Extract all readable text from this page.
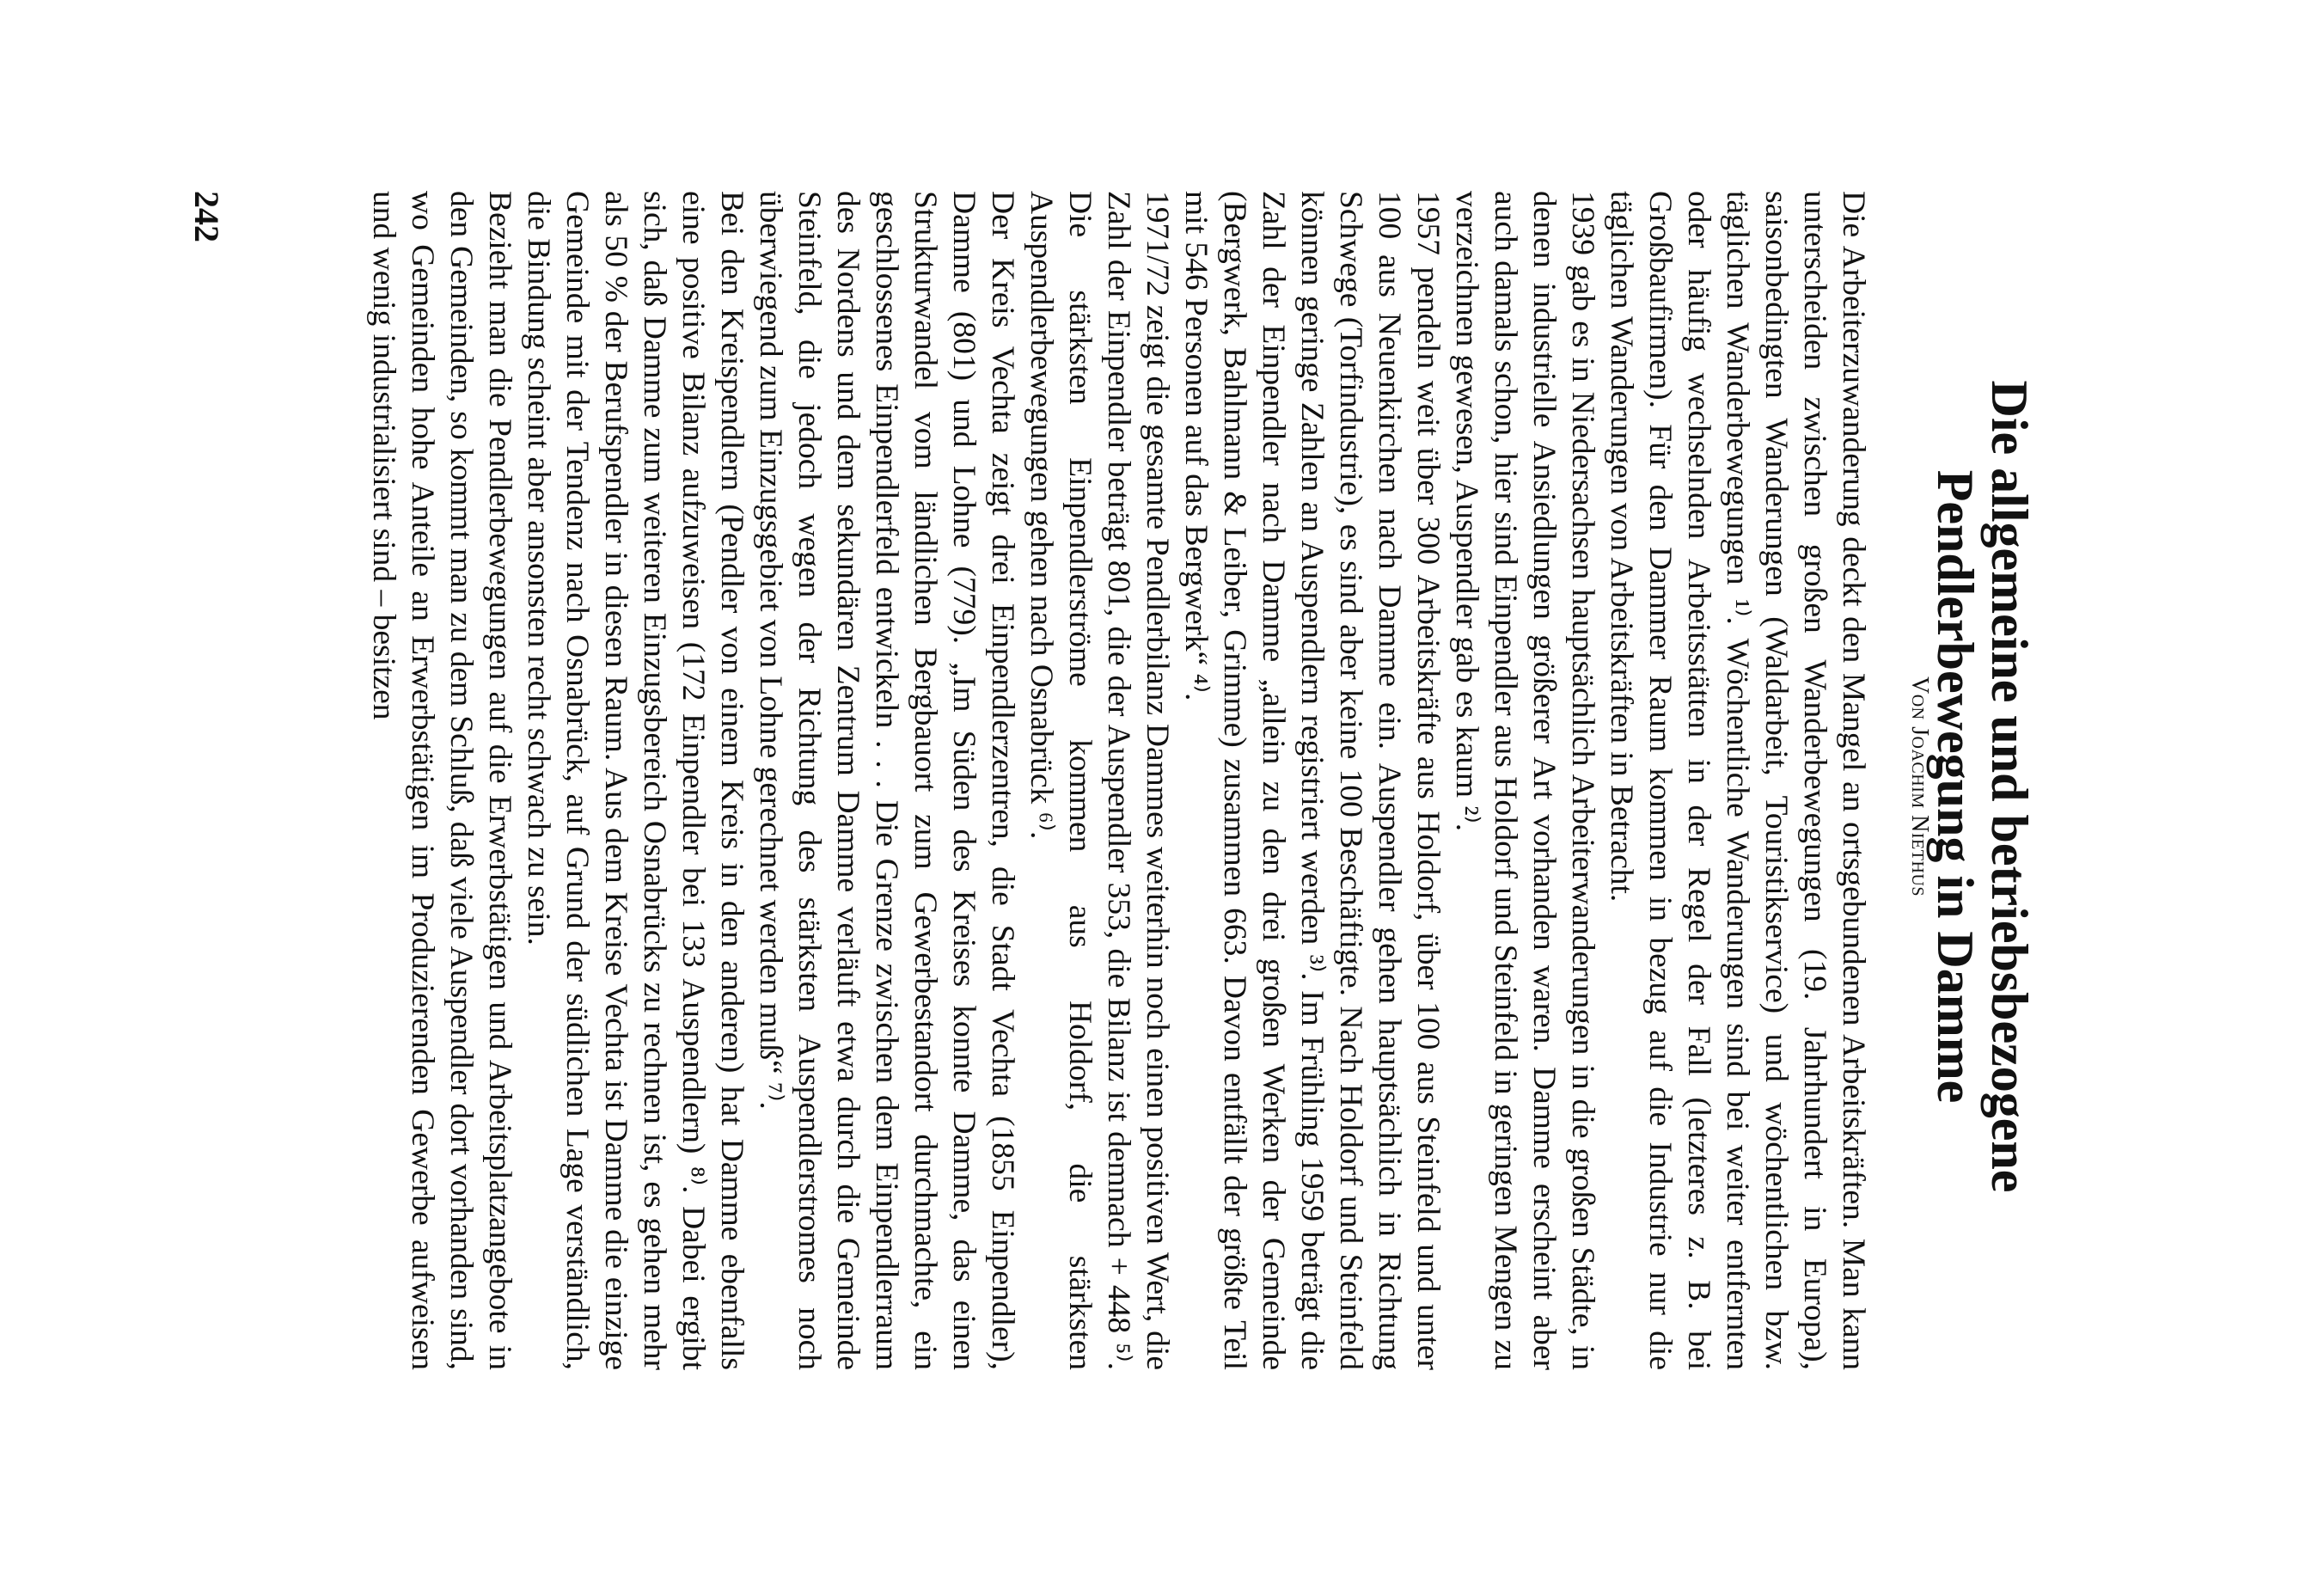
Die allgemeine und betriebsbezogene
Pendlerbewegung in Damme
Von Joachim Niethus

Die Arbeiterzuwanderung deckt den Mangel an ortsgebundenen Arbeitskräften. Man kann unterscheiden zwischen großen Wanderbewegungen (19. Jahrhundert in Europa), saisonbedingten Wanderungen (Waldarbeit, Touristikservice) und wöchentlichen bzw. täglichen Wanderbewegungen ¹⁾. Wöchentliche Wanderungen sind bei weiter entfernten oder häufig wechselnden Arbeitsstätten in der Regel der Fall (letzteres z. B. bei Großbaufirmen). Für den Dammer Raum kommen in bezug auf die Industrie nur die täglichen Wanderungen von Arbeitskräften in Betracht.

1939 gab es in Niedersachsen hauptsächlich Arbeiterwanderungen in die großen Städte, in denen industrielle Ansiedlungen größerer Art vorhanden waren. Damme erscheint aber auch damals schon, hier sind Einpendler aus Holdorf und Steinfeld in geringen Mengen zu verzeichnen gewesen, Auspendler gab es kaum ²⁾.

1957 pendeln weit über 300 Arbeitskräfte aus Holdorf, über 100 aus Steinfeld und unter 100 aus Neuenkirchen nach Damme ein. Auspendler gehen hauptsächlich in Richtung Schwege (Torfindustrie), es sind aber keine 100 Beschäftigte. Nach Holdorf und Steinfeld können geringe Zahlen an Auspendlern registriert werden ³⁾. Im Frühling 1959 beträgt die Zahl der Einpendler nach Damme „allein zu den drei großen Werken der Gemeinde (Bergwerk, Bahlmann & Leiber, Grimme) zusammen 663. Davon entfällt der größte Teil mit 546 Personen auf das Bergwerk“ ⁴⁾.

1971/72 zeigt die gesamte Pendlerbilanz Dammes weiterhin noch einen positiven Wert, die Zahl der Einpendler beträgt 801, die der Auspendler 353, die Bilanz ist demnach + 448 ⁵⁾. Die stärksten Einpendlerströme kommen aus Holdorf, die stärksten Auspendlerbewegungen gehen nach Osnabrück ⁶⁾.

Der Kreis Vechta zeigt drei Einpendlerzentren, die Stadt Vechta (1855 Einpendler), Damme (801) und Lohne (779). „Im Süden des Kreises konnte Damme, das einen Strukturwandel vom ländlichen Bergbauort zum Gewerbestandort durchmachte, ein geschlossenes Einpendlerfeld entwickeln . . . Die Grenze zwischen dem Einpendlerraum des Nordens und dem sekundären Zentrum Damme verläuft etwa durch die Gemeinde Steinfeld, die jedoch wegen der Richtung des stärksten Auspendlerstromes noch überwiegend zum Einzugsgebiet von Lohne gerechnet werden muß“ ⁷⁾.

Bei den Kreispendlern (Pendler von einem Kreis in den anderen) hat Damme ebenfalls eine positive Bilanz aufzuweisen (172 Einpendler bei 133 Auspendlern) ⁸⁾. Dabei ergibt sich, daß Damme zum weiteren Einzugsbereich Osnabrücks zu rechnen ist, es gehen mehr als 50 % der Berufspendler in diesen Raum. Aus dem Kreise Vechta ist Damme die einzige Gemeinde mit der Tendenz nach Osnabrück, auf Grund der südlichen Lage verständlich, die Bindung scheint aber ansonsten recht schwach zu sein.

Bezieht man die Pendlerbewegungen auf die Erwerbstätigen und Arbeitsplatzangebote in den Gemeinden, so kommt man zu dem Schluß, daß viele Auspendler dort vorhanden sind, wo Gemeinden hohe Anteile an Erwerbstätigen im Produzierenden Gewerbe aufweisen und wenig industrialisiert sind – besitzen

242
